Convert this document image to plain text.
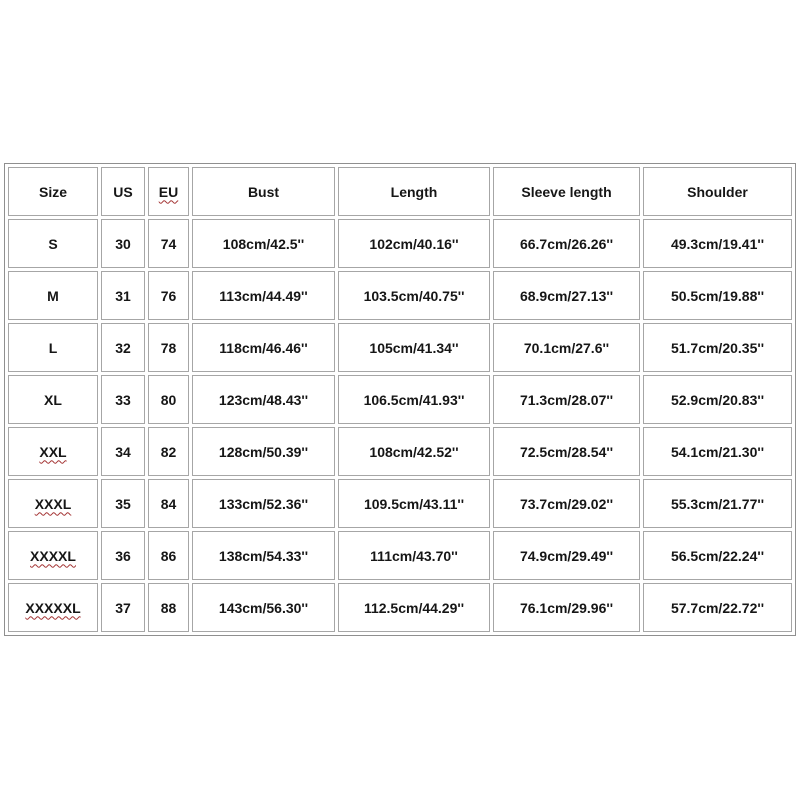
Size	US	EU	Bust	Length	Sleeve length	Shoulder
S	30	74	108cm/42.5''	102cm/40.16''	66.7cm/26.26''	49.3cm/19.41''
M	31	76	113cm/44.49''	103.5cm/40.75''	68.9cm/27.13''	50.5cm/19.88''
L	32	78	118cm/46.46''	105cm/41.34''	70.1cm/27.6''	51.7cm/20.35''
XL	33	80	123cm/48.43''	106.5cm/41.93''	71.3cm/28.07''	52.9cm/20.83''
XXL	34	82	128cm/50.39''	108cm/42.52''	72.5cm/28.54''	54.1cm/21.30''
XXXL	35	84	133cm/52.36''	109.5cm/43.11''	73.7cm/29.02''	55.3cm/21.77''
XXXXL	36	86	138cm/54.33''	111cm/43.70''	74.9cm/29.49''	56.5cm/22.24''
XXXXXL	37	88	143cm/56.30''	112.5cm/44.29''	76.1cm/29.96''	57.7cm/22.72''
